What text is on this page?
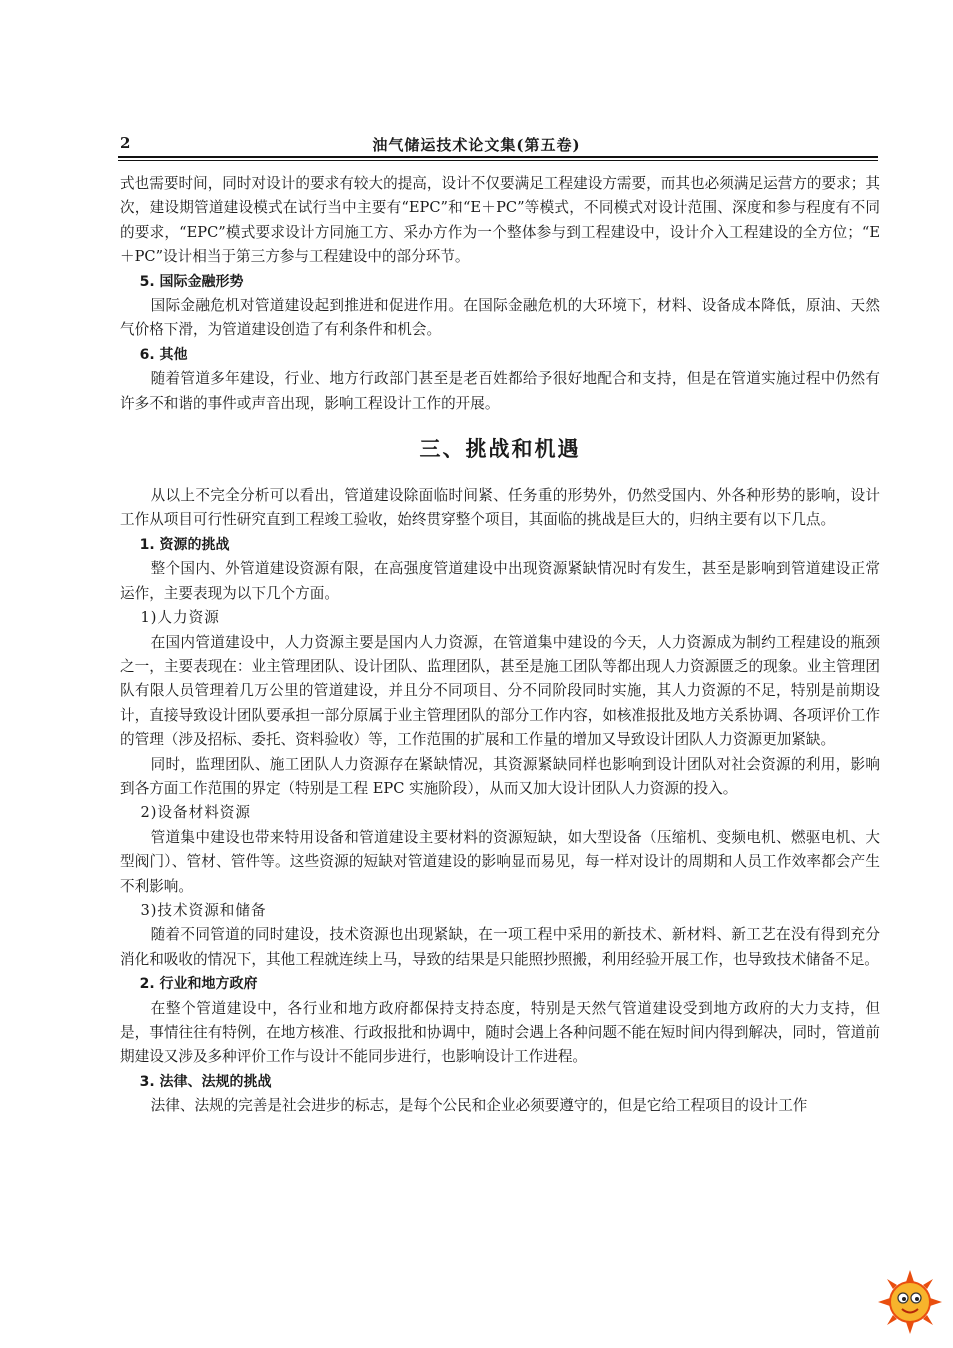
2	油气储运技术论文集(第五卷)

式也需要时间，同时对设计的要求有较大的提高，设计不仅要满足工程建设方需要，而其也必须满足运营方的要求；其次，建设期管道建设模式在试行当中主要有“EPC”和“E＋PC”等模式，不同模式对设计范围、深度和参与程度有不同的要求，“EPC”模式要求设计方同施工方、采办方作为一个整体参与到工程建设中，设计介入工程建设的全方位；“E＋PC”设计相当于第三方参与工程建设中的部分环节。

5. 国际金融形势

国际金融危机对管道建设起到推进和促进作用。在国际金融危机的大环境下，材料、设备成本降低，原油、天然气价格下滑，为管道建设创造了有利条件和机会。

6. 其他

随着管道多年建设，行业、地方行政部门甚至是老百姓都给予很好地配合和支持，但是在管道实施过程中仍然有许多不和谐的事件或声音出现，影响工程设计工作的开展。

三、挑战和机遇

从以上不完全分析可以看出，管道建设除面临时间紧、任务重的形势外，仍然受国内、外各种形势的影响，设计工作从项目可行性研究直到工程竣工验收，始终贯穿整个项目，其面临的挑战是巨大的，归纳主要有以下几点。

1. 资源的挑战

整个国内、外管道建设资源有限，在高强度管道建设中出现资源紧缺情况时有发生，甚至是影响到管道建设正常运作，主要表现为以下几个方面。

1)人力资源

在国内管道建设中，人力资源主要是国内人力资源，在管道集中建设的今天，人力资源成为制约工程建设的瓶颈之一，主要表现在：业主管理团队、设计团队、监理团队，甚至是施工团队等都出现人力资源匮乏的现象。业主管理团队有限人员管理着几万公里的管道建设，并且分不同项目、分不同阶段同时实施，其人力资源的不足，特别是前期设计，直接导致设计团队要承担一部分原属于业主管理团队的部分工作内容，如核准报批及地方关系协调、各项评价工作的管理（涉及招标、委托、资料验收）等，工作范围的扩展和工作量的增加又导致设计团队人力资源更加紧缺。

同时，监理团队、施工团队人力资源存在紧缺情况，其资源紧缺同样也影响到设计团队对社会资源的利用，影响到各方面工作范围的界定（特别是工程 EPC 实施阶段），从而又加大设计团队人力资源的投入。

2)设备材料资源

管道集中建设也带来特用设备和管道建设主要材料的资源短缺，如大型设备（压缩机、变频电机、燃驱电机、大型阀门）、管材、管件等。这些资源的短缺对管道建设的影响显而易见，每一样对设计的周期和人员工作效率都会产生不利影响。

3)技术资源和储备

随着不同管道的同时建设，技术资源也出现紧缺，在一项工程中采用的新技术、新材料、新工艺在没有得到充分消化和吸收的情况下，其他工程就连续上马，导致的结果是只能照抄照搬，利用经验开展工作，也导致技术储备不足。

2. 行业和地方政府

在整个管道建设中，各行业和地方政府都保持支持态度，特别是天然气管道建设受到地方政府的大力支持，但是，事情往往有特例，在地方核准、行政报批和协调中，随时会遇上各种问题不能在短时间内得到解决，同时，管道前期建设又涉及多种评价工作与设计不能同步进行，也影响设计工作进程。

3. 法律、法规的挑战

法律、法规的完善是社会进步的标志，是每个公民和企业必须要遵守的，但是它给工程项目的设计工作
